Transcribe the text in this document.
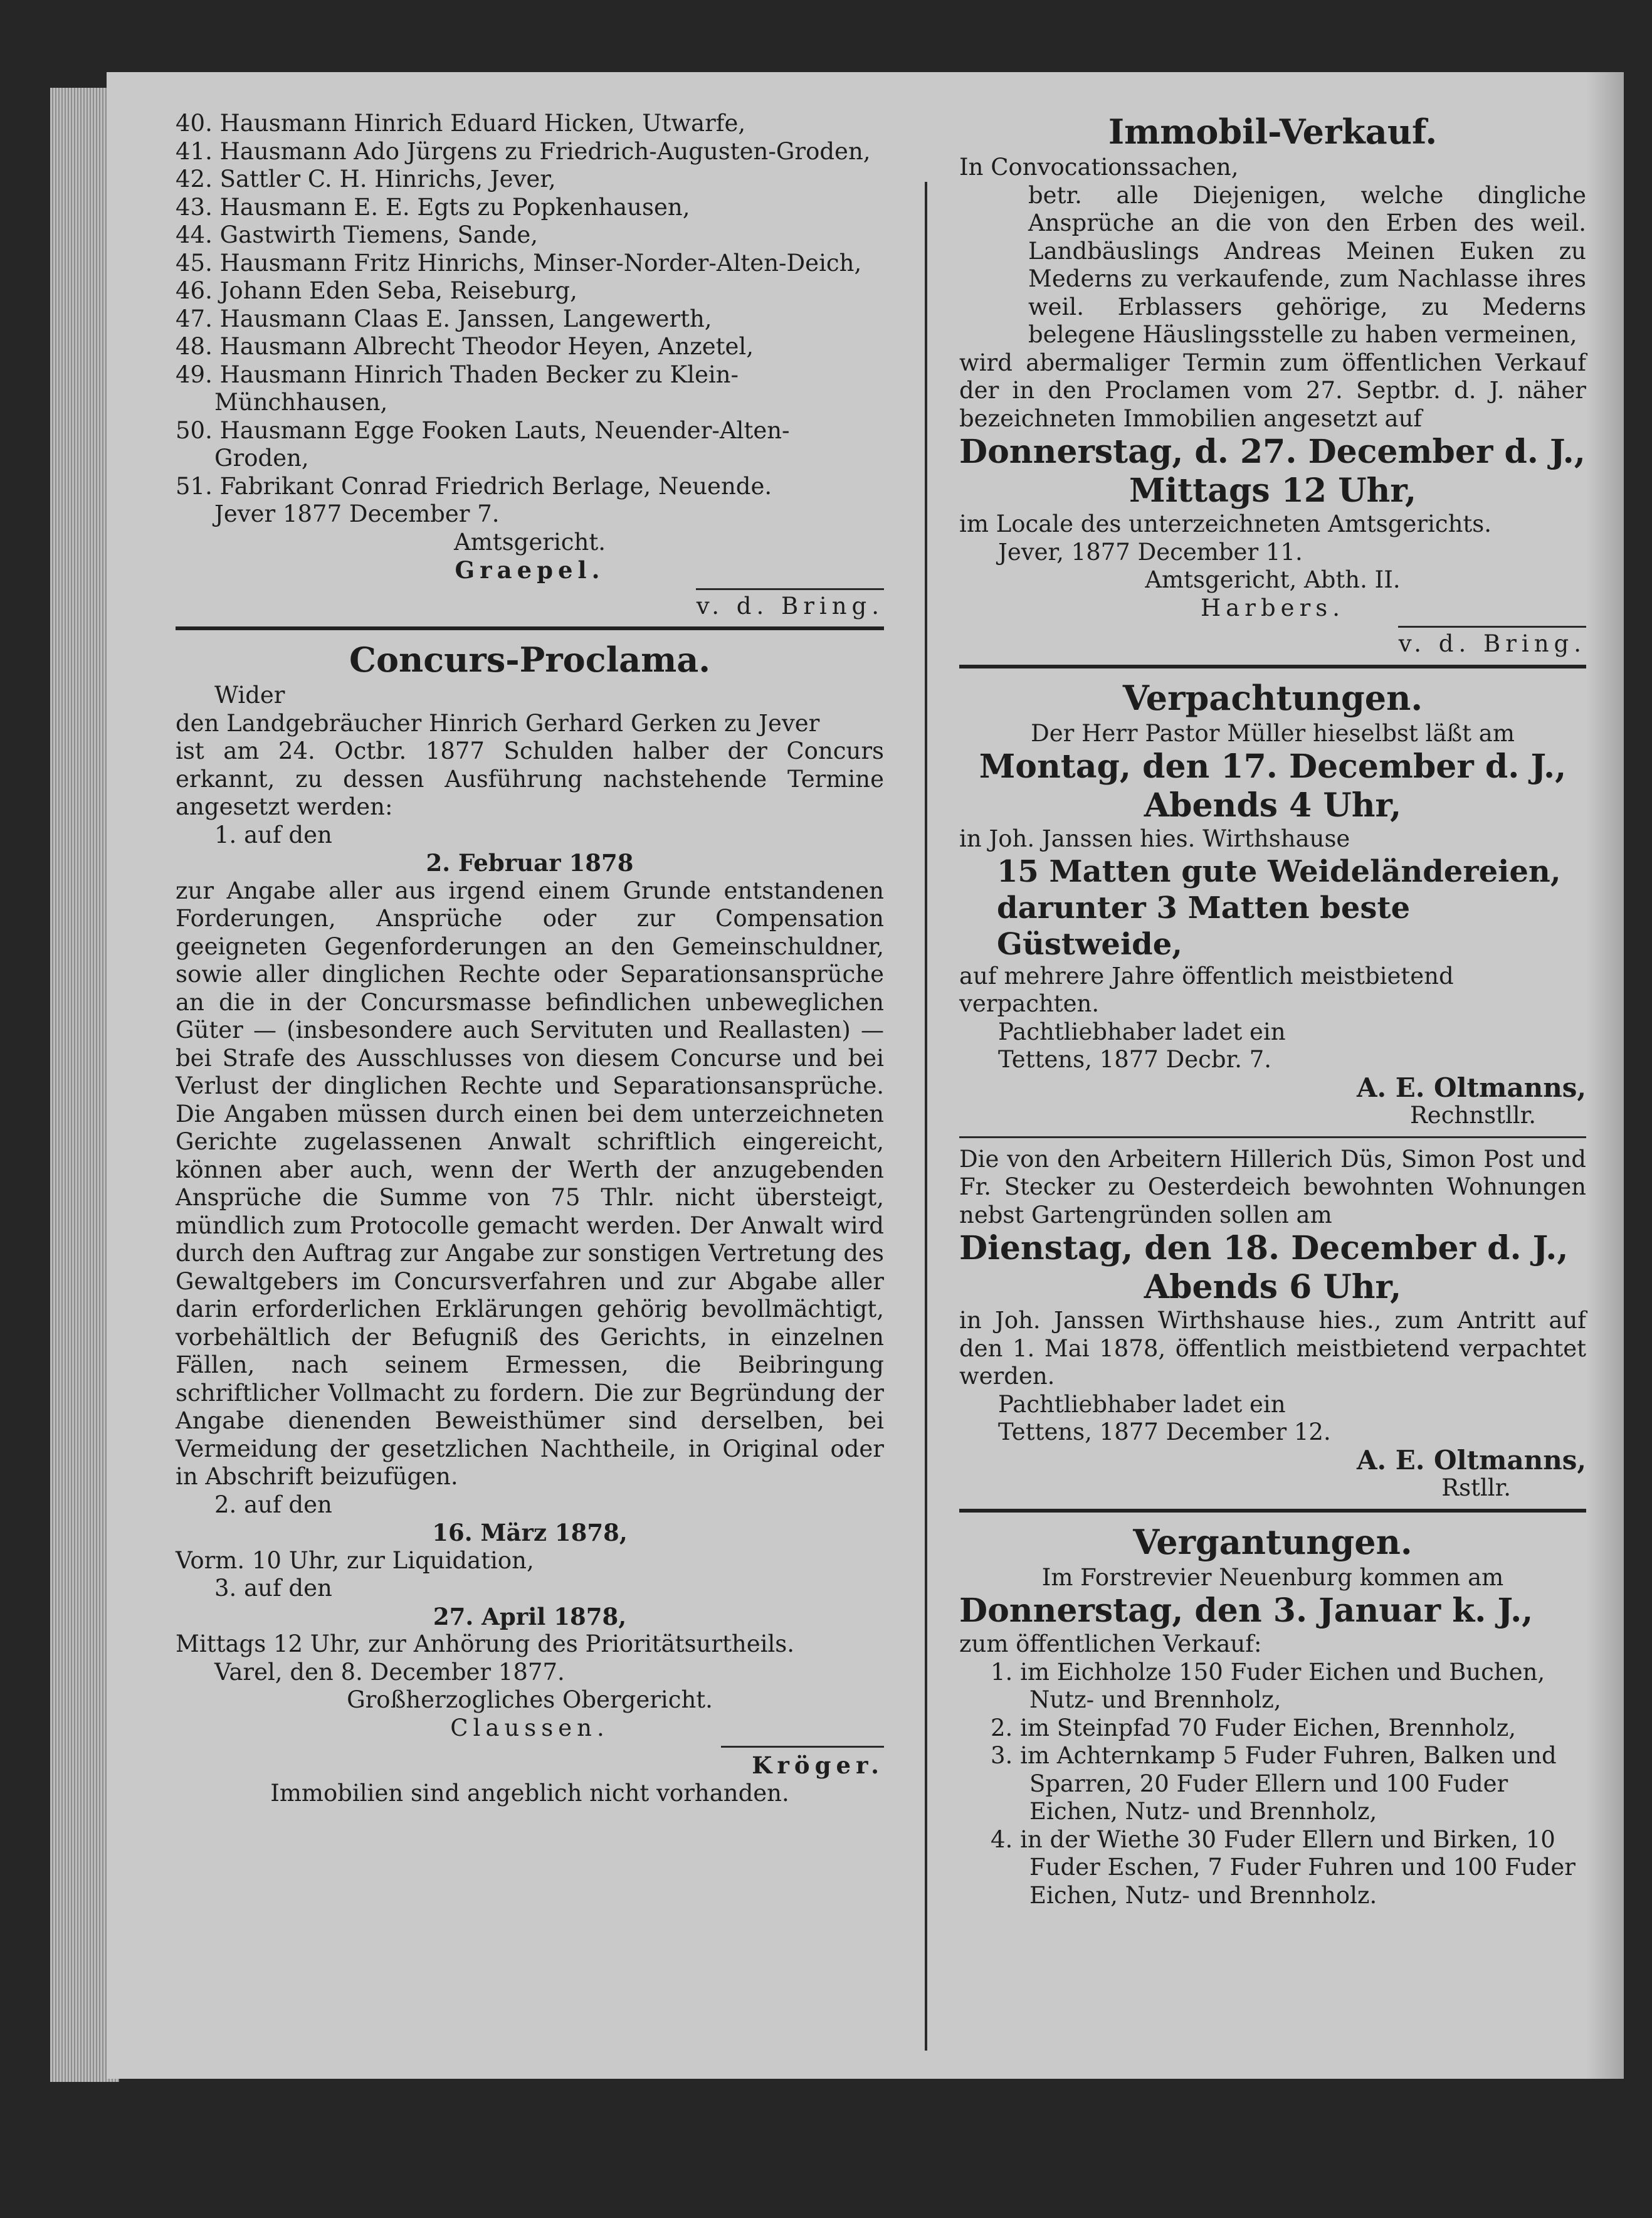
40. Hausmann Hinrich Eduard Hicken, Utwarfe,

41. Hausmann Ado Jürgens zu Friedrich-Augusten-Groden,

42. Sattler C. H. Hinrichs, Jever,

43. Hausmann E. E. Egts zu Popkenhausen,

44. Gastwirth Tiemens, Sande,

45. Hausmann Fritz Hinrichs, Minser-Norder-Alten-Deich,

46. Johann Eden Seba, Reiseburg,

47. Hausmann Claas E. Janssen, Langewerth,

48. Hausmann Albrecht Theodor Heyen, Anzetel,

49. Hausmann Hinrich Thaden Becker zu Klein-Münchhausen,

50. Hausmann Egge Fooken Lauts, Neuender-Alten-Groden,

51. Fabrikant Conrad Friedrich Berlage, Neuende.

Jever 1877 December 7.

Amtsgericht.

Graepel.

v. d. Bring.

Concurs-Proclama.

Wider

den Landgebräucher Hinrich Gerhard Gerken zu Jever

ist am 24. Octbr. 1877 Schulden halber der Concurs erkannt, zu dessen Ausführung nachstehende Termine angesetzt werden:

1. auf den

2. Februar 1878

zur Angabe aller aus irgend einem Grunde entstandenen Forderungen, Ansprüche oder zur Compensation geeigneten Gegenforderungen an den Gemeinschuldner, sowie aller dinglichen Rechte oder Separationsansprüche an die in der Concursmasse befindlichen unbeweglichen Güter — (insbesondere auch Servituten und Reallasten) — bei Strafe des Ausschlusses von diesem Concurse und bei Verlust der dinglichen Rechte und Separationsansprüche. Die Angaben müssen durch einen bei dem unterzeichneten Gerichte zugelassenen Anwalt schriftlich eingereicht, können aber auch, wenn der Werth der anzugebenden Ansprüche die Summe von 75 Thlr. nicht übersteigt, mündlich zum Protocolle gemacht werden. Der Anwalt wird durch den Auftrag zur Angabe zur sonstigen Vertretung des Gewaltgebers im Concursverfahren und zur Abgabe aller darin erforderlichen Erklärungen gehörig bevollmächtigt, vorbehältlich der Befugniß des Gerichts, in einzelnen Fällen, nach seinem Ermessen, die Beibringung schriftlicher Vollmacht zu fordern. Die zur Begründung der Angabe dienenden Beweisthümer sind derselben, bei Vermeidung der gesetzlichen Nachtheile, in Original oder in Abschrift beizufügen.

2. auf den

16. März 1878,

Vorm. 10 Uhr, zur Liquidation,

3. auf den

27. April 1878,

Mittags 12 Uhr, zur Anhörung des Prioritätsurtheils.

Varel, den 8. December 1877.

Großherzogliches Obergericht.

Claussen.

Kröger.

Immobilien sind angeblich nicht vorhanden.

Immobil-Verkauf.

In Convocationssachen,

betr. alle Diejenigen, welche dingliche Ansprüche an die von den Erben des weil. Landbäuslings Andreas Meinen Euken zu Mederns zu verkaufende, zum Nachlasse ihres weil. Erblassers gehörige, zu Mederns belegene Häuslingsstelle zu haben vermeinen,

wird abermaliger Termin zum öffentlichen Verkauf der in den Proclamen vom 27. Septbr. d. J. näher bezeichneten Immobilien angesetzt auf

Donnerstag, d. 27. December d. J.,

Mittags 12 Uhr,

im Locale des unterzeichneten Amtsgerichts.

Jever, 1877 December 11.

Amtsgericht, Abth. II.

Harbers.

v. d. Bring.

Verpachtungen.

Der Herr Pastor Müller hieselbst läßt am

Montag, den 17. December d. J.,

Abends 4 Uhr,

in Joh. Janssen hies. Wirthshause

15 Matten gute Weideländereien, darunter 3 Matten beste Güstweide,

auf mehrere Jahre öffentlich meistbietend verpachten.

Pachtliebhaber ladet ein

Tettens, 1877 Decbr. 7.

A. E. Oltmanns,

Rechnstllr.

Die von den Arbeitern Hillerich Düs, Simon Post und Fr. Stecker zu Oesterdeich bewohnten Wohnungen nebst Gartengründen sollen am

Dienstag, den 18. December d. J.,

Abends 6 Uhr,

in Joh. Janssen Wirthshause hies., zum Antritt auf den 1. Mai 1878, öffentlich meistbietend verpachtet werden.

Pachtliebhaber ladet ein

Tettens, 1877 December 12.

A. E. Oltmanns,

Rstllr.

Vergantungen.

Im Forstrevier Neuenburg kommen am

Donnerstag, den 3. Januar k. J.,

zum öffentlichen Verkauf:

1. im Eichholze 150 Fuder Eichen und Buchen, Nutz- und Brennholz,

2. im Steinpfad 70 Fuder Eichen, Brennholz,

3. im Achternkamp 5 Fuder Fuhren, Balken und Sparren, 20 Fuder Ellern und 100 Fuder Eichen, Nutz- und Brennholz,

4. in der Wiethe 30 Fuder Ellern und Birken, 10 Fuder Eschen, 7 Fuder Fuhren und 100 Fuder Eichen, Nutz- und Brennholz.
